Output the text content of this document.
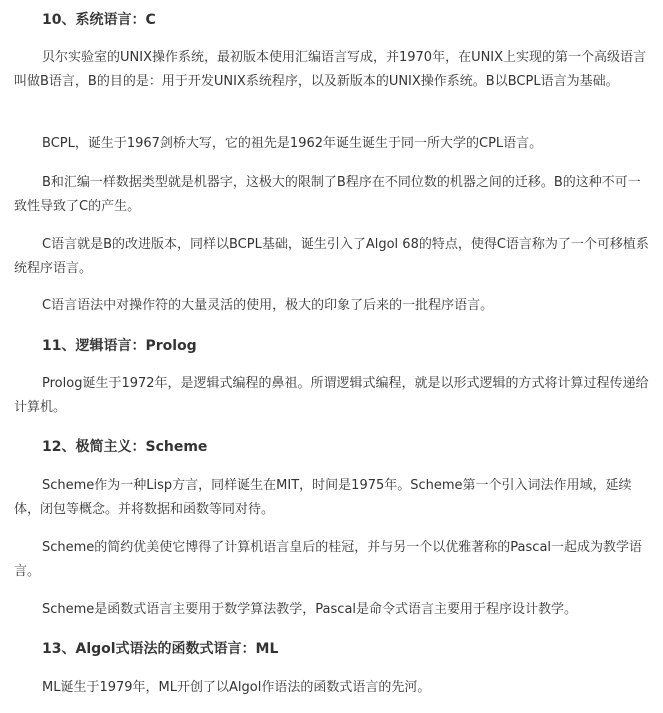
10、系统语言：C

贝尔实验室的UNIX操作系统，最初版本使用汇编语言写成，并1970年，在UNIX上实现的第一个高级语言叫做B语言，B的目的是：用于开发UNIX系统程序，以及新版本的UNIX操作系统。B以BCPL语言为基础。

BCPL，诞生于1967剑桥大写，它的祖先是1962年诞生诞生于同一所大学的CPL语言。

B和汇编一样数据类型就是机器字，这极大的限制了B程序在不同位数的机器之间的迁移。B的这种不可一致性导致了C的产生。

C语言就是B的改进版本，同样以BCPL基础，诞生引入了Algol 68的特点，使得C语言称为了一个可移植系统程序语言。

C语言语法中对操作符的大量灵活的使用，极大的印象了后来的一批程序语言。

11、逻辑语言：Prolog

Prolog诞生于1972年，是逻辑式编程的鼻祖。所谓逻辑式编程，就是以形式逻辑的方式将计算过程传递给计算机。

12、极简主义：Scheme

Scheme作为一种Lisp方言，同样诞生在MIT，时间是1975年。Scheme第一个引入词法作用域，延续体，闭包等概念。并将数据和函数等同对待。

Scheme的简约优美使它博得了计算机语言皇后的桂冠，并与另一个以优雅著称的Pascal一起成为教学语言。

Scheme是函数式语言主要用于数学算法教学，Pascal是命令式语言主要用于程序设计教学。

13、Algol式语法的函数式语言：ML

ML诞生于1979年，ML开创了以Algol作语法的函数式语言的先河。
